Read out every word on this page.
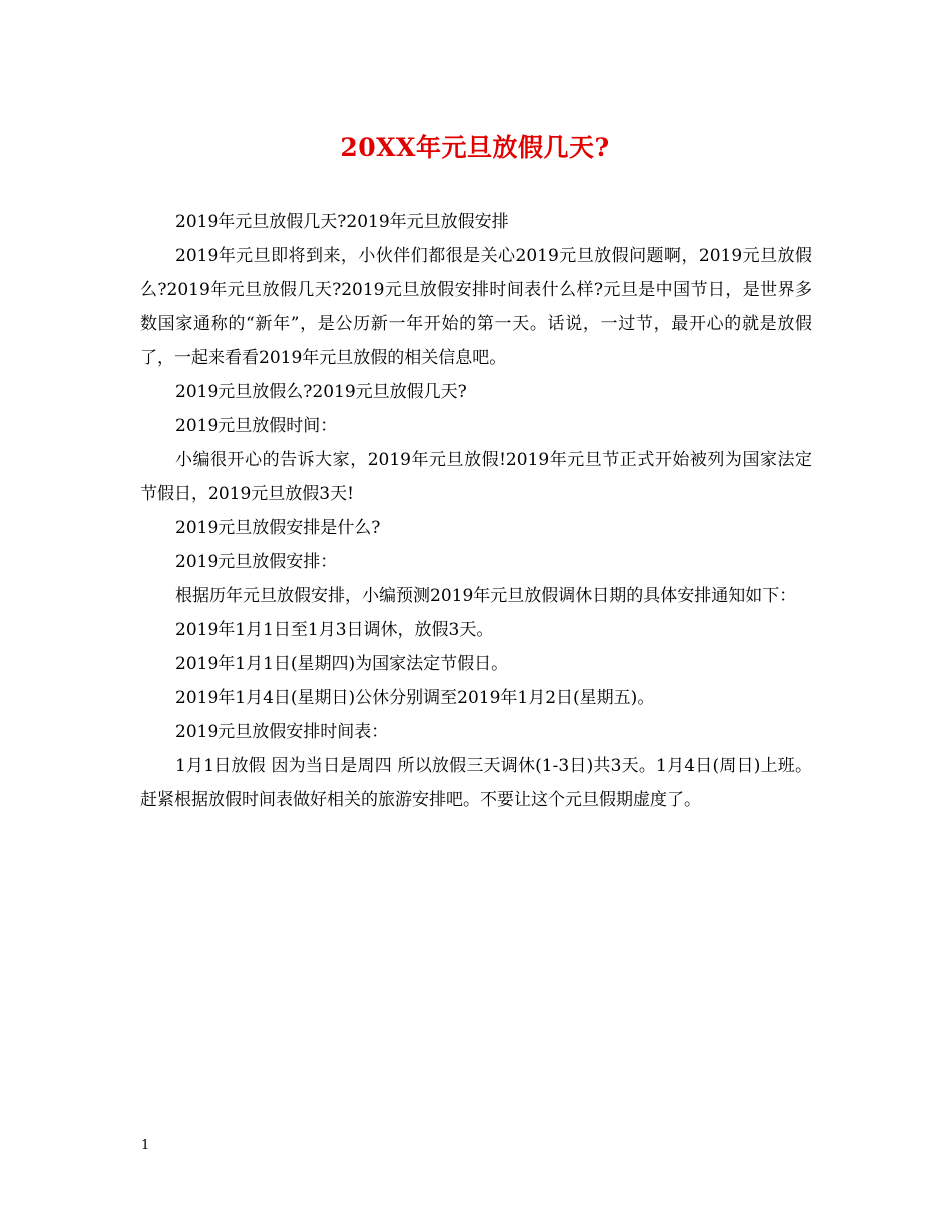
20XX年元旦放假几天?

2019年元旦放假几天?2019年元旦放假安排

2019年元旦即将到来，小伙伴们都很是关心2019元旦放假问题啊，2019元旦放假么?2019年元旦放假几天?2019元旦放假安排时间表什么样?元旦是中国节日，是世界多数国家通称的“新年”，是公历新一年开始的第一天。话说，一过节，最开心的就是放假了，一起来看看2019年元旦放假的相关信息吧。

2019元旦放假么?2019元旦放假几天?

2019元旦放假时间：

小编很开心的告诉大家，2019年元旦放假!2019年元旦节正式开始被列为国家法定节假日，2019元旦放假3天!

2019元旦放假安排是什么?

2019元旦放假安排：

根据历年元旦放假安排，小编预测2019年元旦放假调休日期的具体安排通知如下：

2019年1月1日至1月3日调休，放假3天。

2019年1月1日(星期四)为国家法定节假日。

2019年1月4日(星期日)公休分别调至2019年1月2日(星期五)。

2019元旦放假安排时间表：

1月1日放假 因为当日是周四 所以放假三天调休(1-3日)共3天。1月4日(周日)上班。赶紧根据放假时间表做好相关的旅游安排吧。不要让这个元旦假期虚度了。

1
